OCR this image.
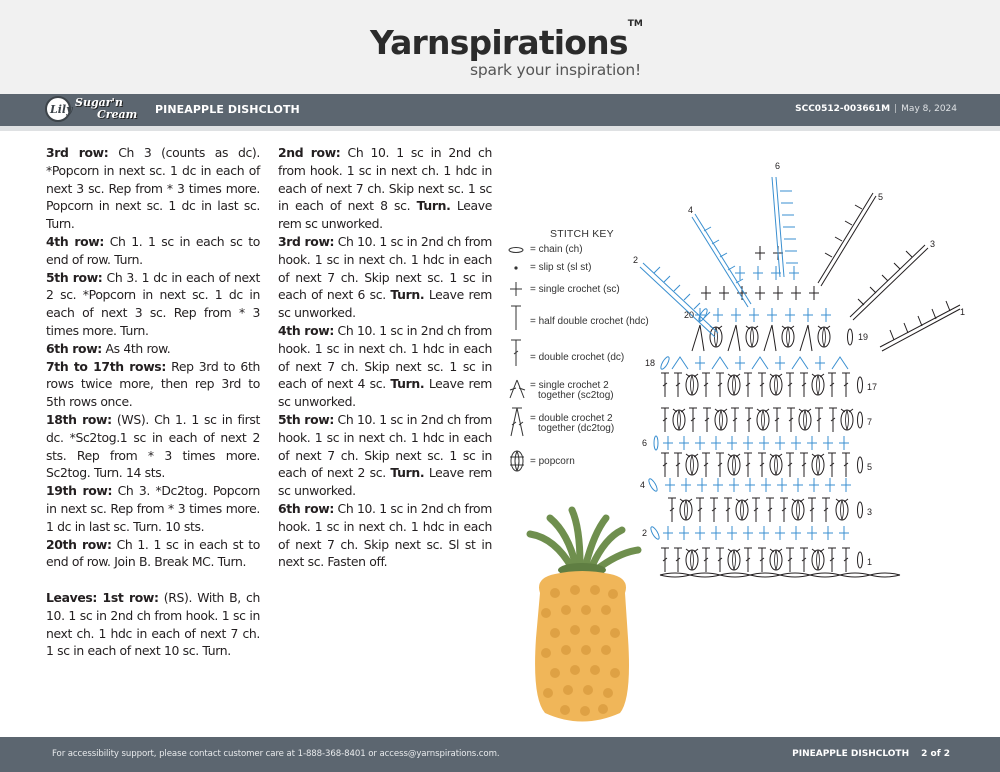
Yarnspirations™
spark your inspiration!
Lily
Sugar'n
Cream PINEAPPLE DISHCLOTH	SCC0512-003661M | May 8, 2024

3rd row: Ch 3 (counts as dc). *Popcorn in next sc. 1 dc in each of next 3 sc. Rep from * 3 times more. Popcorn in next sc. 1 dc in last sc. Turn.

4th row: Ch 1. 1 sc in each sc to end of row. Turn.

5th row: Ch 3. 1 dc in each of next 2 sc. *Popcorn in next sc. 1 dc in each of next 3 sc. Rep from * 3 times more. Turn.

6th row: As 4th row.

7th to 17th rows: Rep 3rd to 6th rows twice more, then rep 3rd to 5th rows once.

18th row: (WS). Ch 1. 1 sc in first dc. *Sc2tog.1 sc in each of next 2 sts. Rep from * 3 times more. Sc2tog. Turn. 14 sts.

19th row: Ch 3. *Dc2tog. Popcorn in next sc. Rep from * 3 times more. 1 dc in last sc. Turn. 10 sts.

20th row: Ch 1. 1 sc in each st to end of row. Join B. Break MC. Turn.

Leaves: 1st row: (RS). With B, ch 10. 1 sc in 2nd ch from hook. 1 sc in next ch. 1 hdc in each of next 7 ch. 1 sc in each of next 10 sc. Turn.

2nd row: Ch 10. 1 sc in 2nd ch from hook. 1 sc in next ch. 1 hdc in each of next 7 ch. Skip next sc. 1 sc in each of next 8 sc. Turn. Leave rem sc unworked.

3rd row: Ch 10. 1 sc in 2nd ch from hook. 1 sc in next ch. 1 hdc in each of next 7 ch. Skip next sc. 1 sc in each of next 6 sc. Turn. Leave rem sc unworked.

4th row: Ch 10. 1 sc in 2nd ch from hook. 1 sc in next ch. 1 hdc in each of next 7 ch. Skip next sc. 1 sc in each of next 4 sc. Turn. Leave rem sc unworked.

5th row: Ch 10. 1 sc in 2nd ch from hook. 1 sc in next ch. 1 hdc in each of next 7 ch. Skip next sc. 1 sc in each of next 2 sc. Turn. Leave rem sc unworked.

6th row: Ch 10. 1 sc in 2nd ch from hook. 1 sc in next ch. 1 hdc in each of next 7 ch. Skip next sc. Sl st in next sc. Fasten off.

STITCH KEY
= chain (ch)
= slip st (sl st)
= single crochet (sc)
= half double crochet (hdc)
= double crochet (dc)
= single crochet 2
together (sc2tog)
= double crochet 2
together (dc2tog)
= popcorn
1
2
3
4
5
6
7
17
18
19
20
2
4
6
5
3
1
For accessibility support, please contact customer care at 1-888-368-8401 or access@yarnspirations.com.	PINEAPPLE DISHCLOTH 2 of 2
